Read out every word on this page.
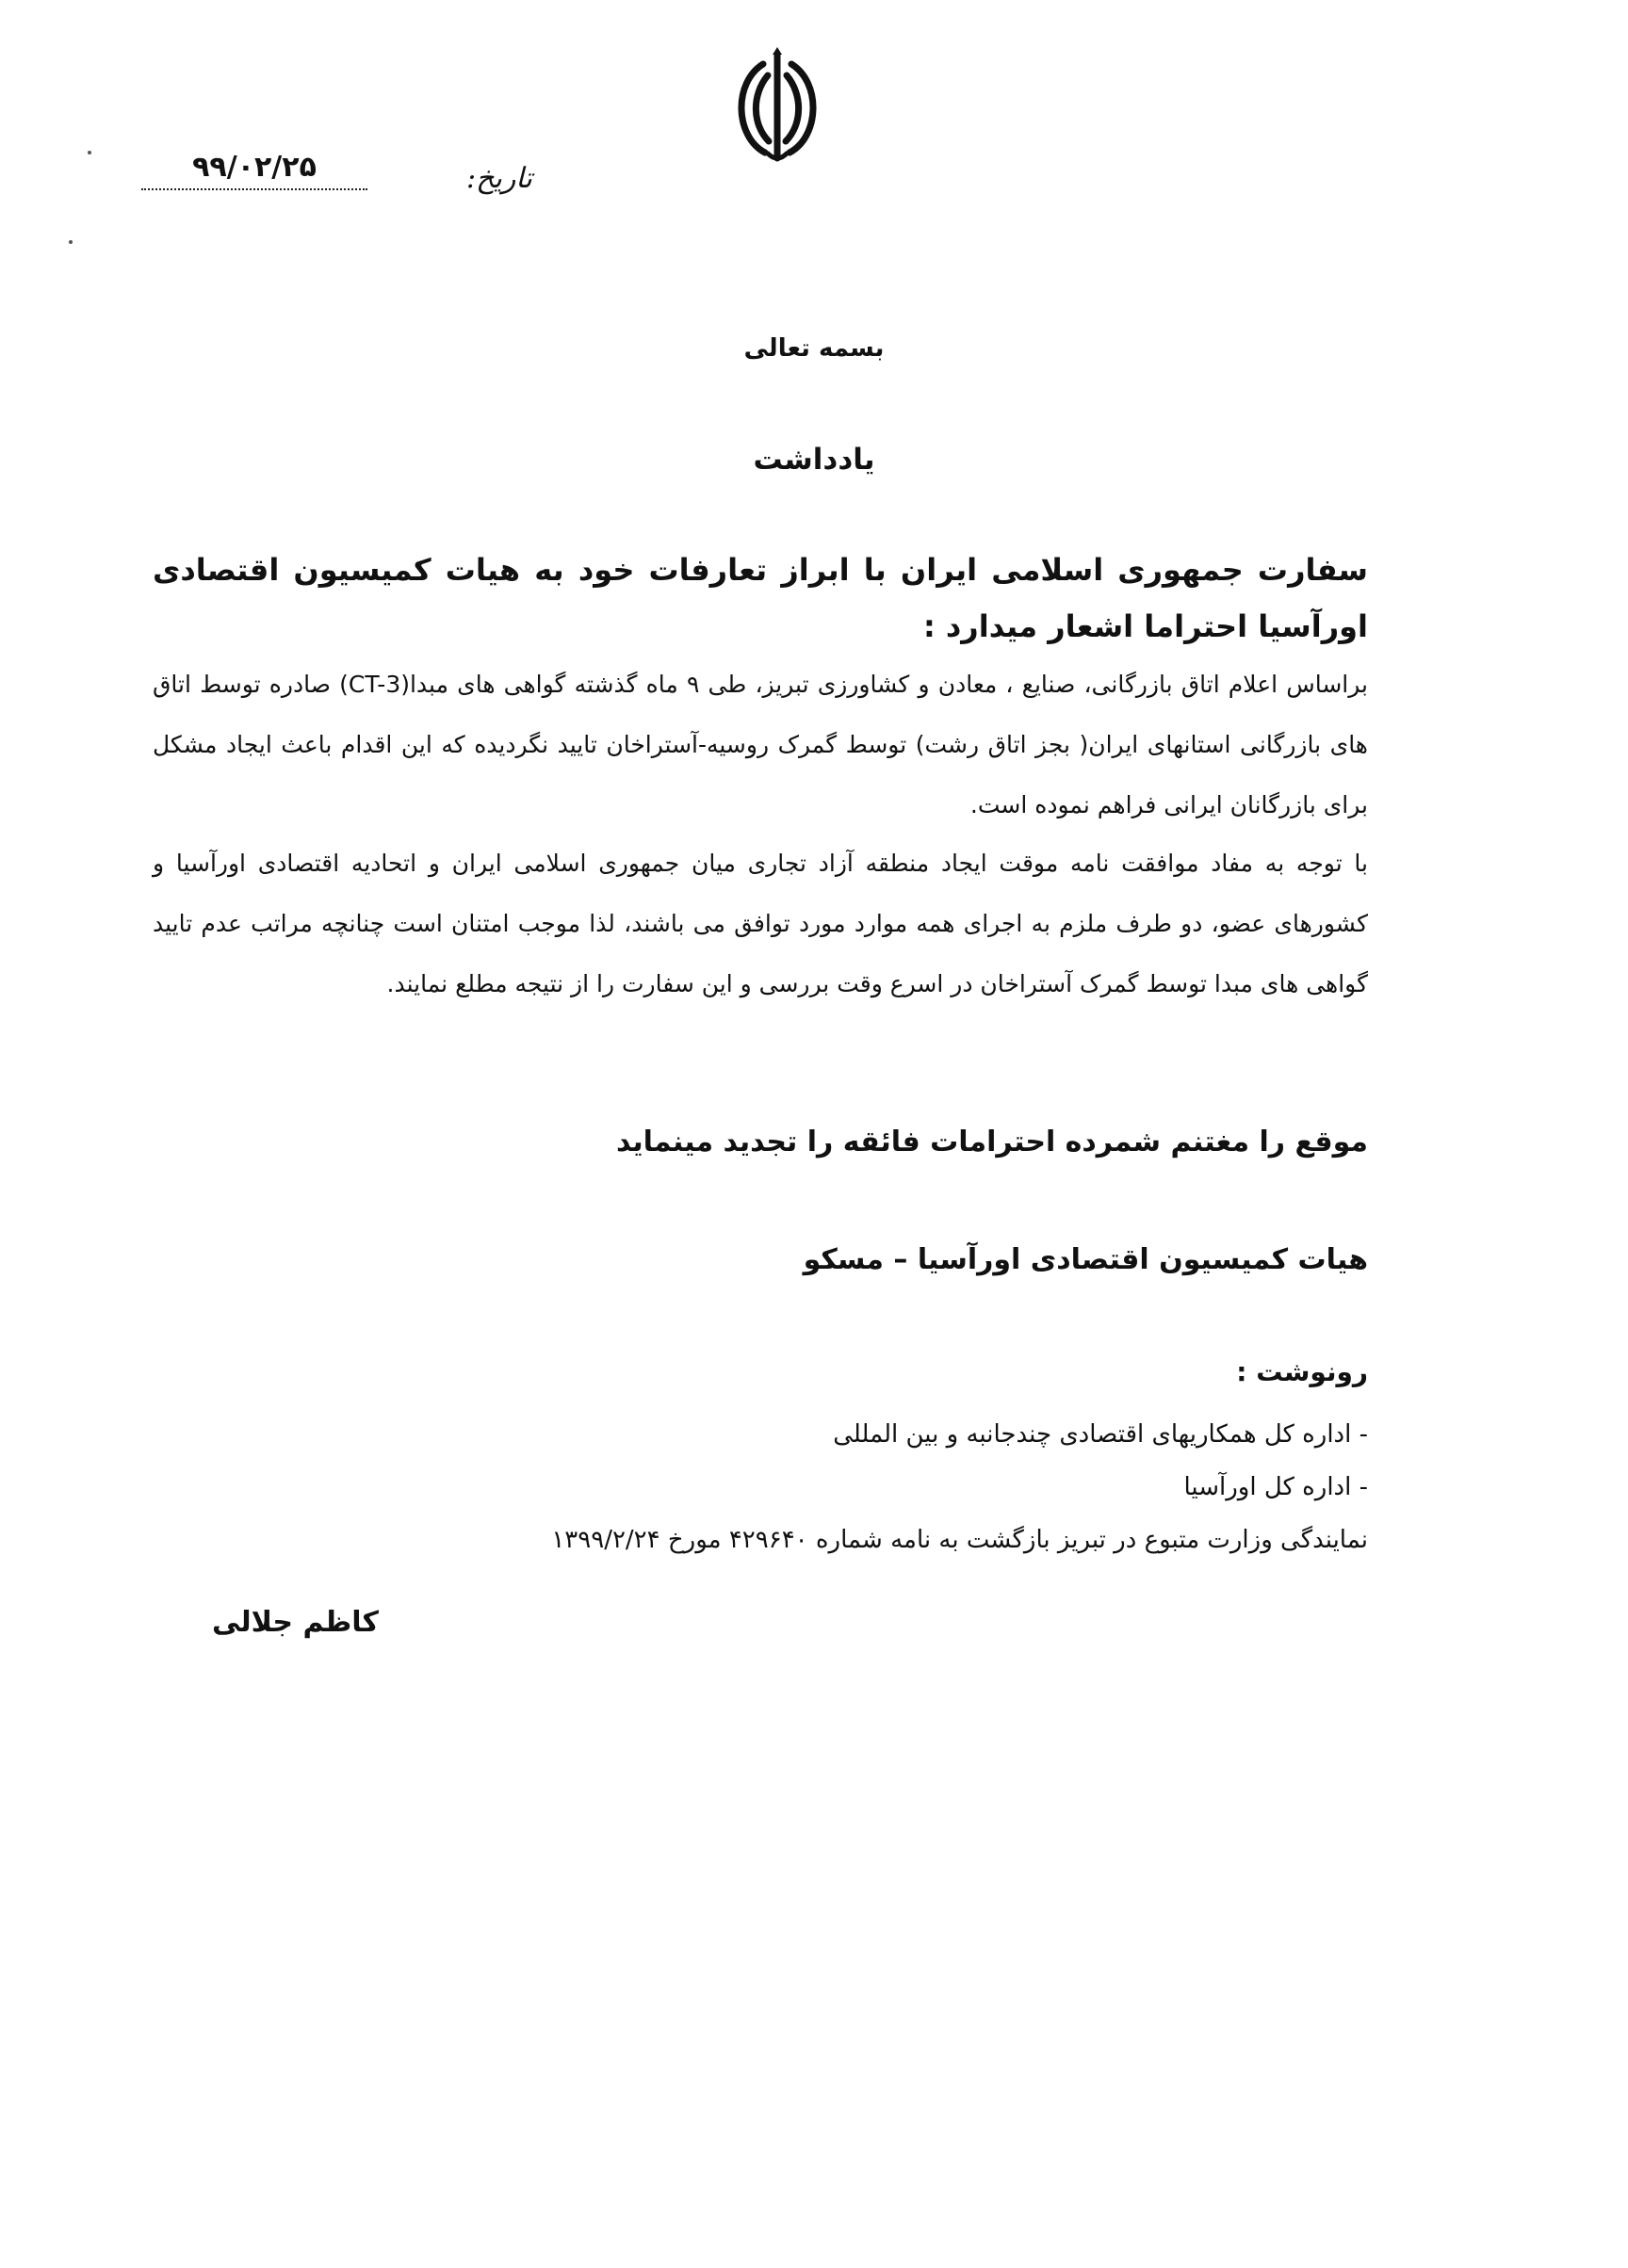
۹۹/۰۲/۲۵	تاریخ:
بسمه تعالی
یادداشت
سفارت جمهوری اسلامی ایران با ابراز تعارفات خود به هیات کمیسیون اقتصادی اورآسیا احتراما اشعار میدارد :
براساس اعلام اتاق بازرگانی، صنایع ، معادن و کشاورزی تبریز، طی ۹ ماه گذشته گواهی های مبدا(CT-3) صادره توسط اتاق های بازرگانی استانهای ایران( بجز اتاق رشت) توسط گمرک روسیه-آستراخان تایید نگردیده که این اقدام باعث ایجاد مشکل برای بازرگانان ایرانی فراهم نموده است.
با توجه به مفاد موافقت نامه موقت ایجاد منطقه آزاد تجاری میان جمهوری اسلامی ایران و اتحادیه اقتصادی اورآسیا و کشورهای عضو، دو طرف ملزم به اجرای همه موارد مورد توافق می باشند، لذا موجب امتنان است چنانچه مراتب عدم تایید گواهی های مبدا توسط گمرک آستراخان در اسرع وقت بررسی و این سفارت را از نتیجه مطلع نمایند.
موقع را مغتنم شمرده احترامات فائقه را تجدید مینماید
هیات کمیسیون اقتصادی اورآسیا – مسکو
رونوشت :
- اداره کل همکاریهای اقتصادی چندجانبه و بین المللی
- اداره کل اورآسیا
نمایندگی وزارت متبوع در تبریز بازگشت به نامه شماره ۴۲۹۶۴۰ مورخ ۱۳۹۹/۲/۲۴
کاظم جلالی
